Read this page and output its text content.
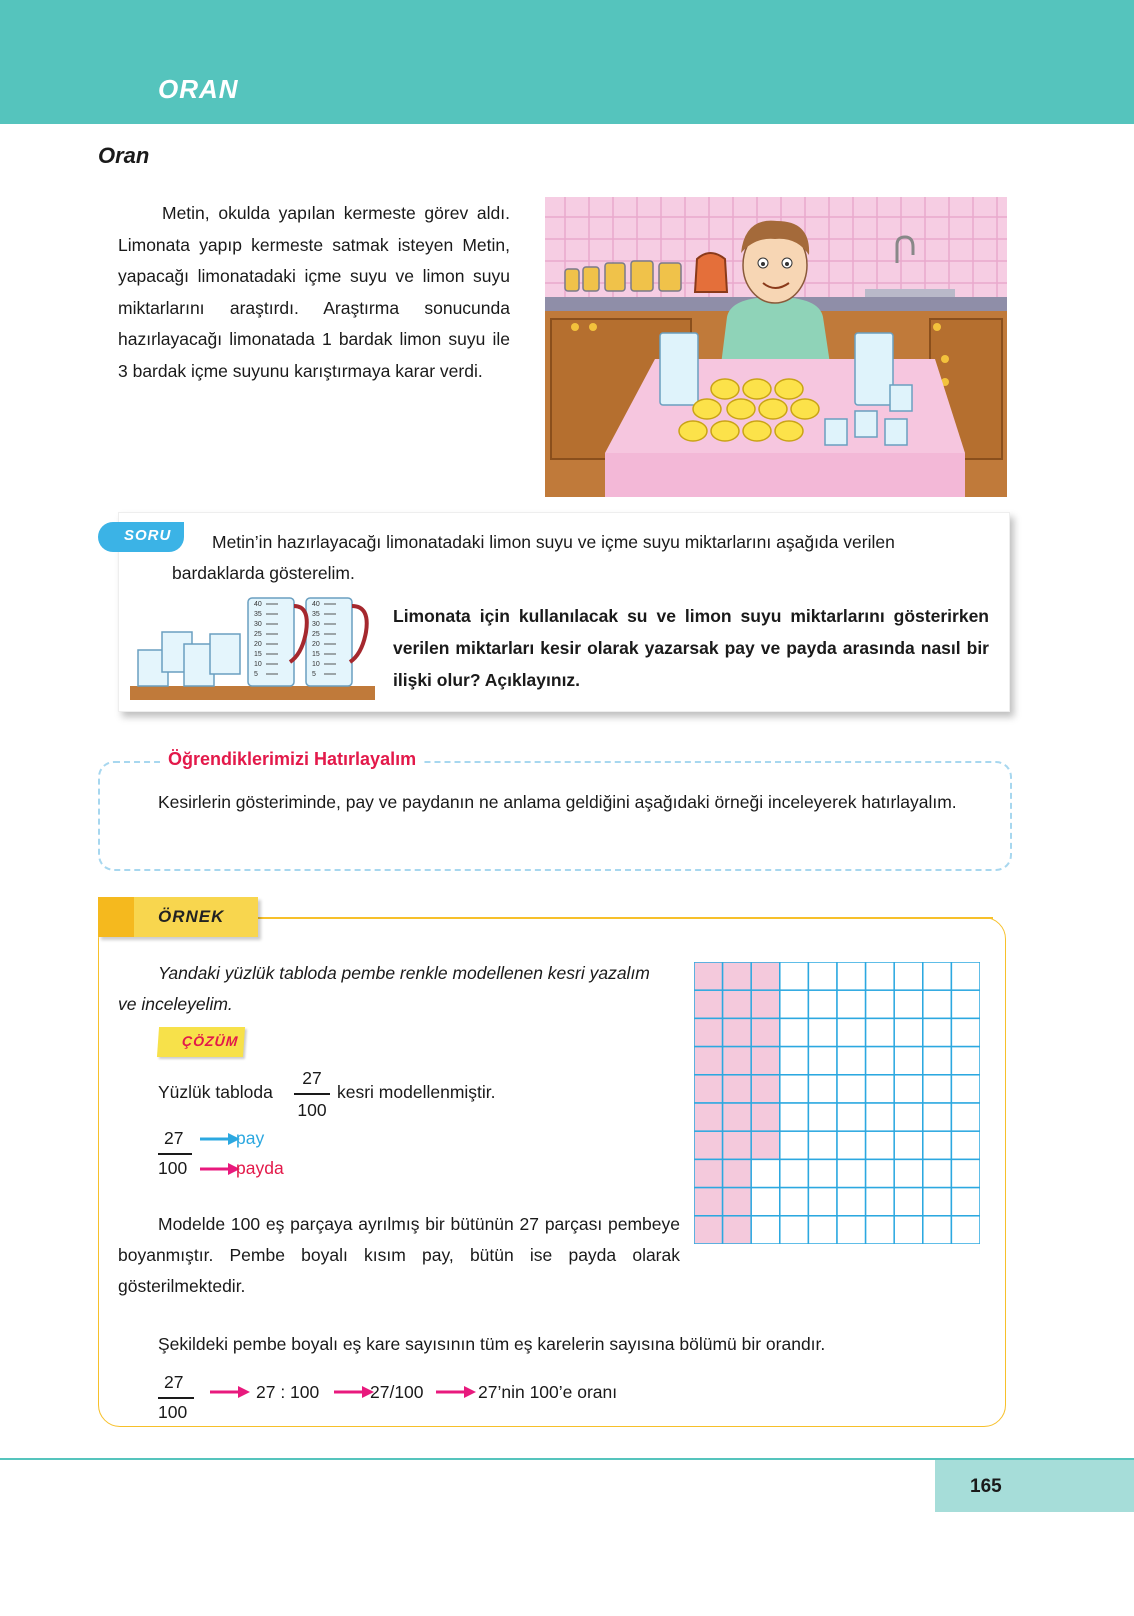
ORAN
Oran

Metin, okulda yapılan kermeste görev aldı. Limonata yapıp kermeste satmak isteyen Metin, yapacağı limonatadaki içme suyu ve limon suyu miktarlarını araştırdı. Araştırma sonucunda hazırlayacağı limonatada 1 bardak limon suyu ile 3 bardak içme suyunu karıştırmaya karar verdi.

SORU	Metin’in hazırlayacağı limonatadaki limon suyu ve içme suyu miktarlarını aşağıda verilen bardaklarda gösterelim.
40
35
30
25
20
15
10
5
40
35
30
25
20
15
10
5
Limonata için kullanılacak su ve limon suyu miktarlarını gösterirken verilen miktarları kesir olarak yazarsak pay ve payda arasında nasıl bir ilişki olur? Açıklayınız.
Öğrendiklerimizi Hatırlayalım
Kesirlerin gösteriminde, pay ve paydanın ne anlama geldiğini aşağıdaki örneği inceleyerek hatırlayalım.
ÖRNEK
Yandaki yüzlük tabloda pembe renkle modellenen kesri yazalım ve inceleyelim.
ÇÖZÜM
Yüzlük tabloda
27
100
kesri modellenmiştir.
27
100
pay
payda
Modelde 100 eş parçaya ayrılmış bir bütünün 27 parçası pembeye boyanmıştır. Pembe boyalı kısım pay, bütün ise payda olarak gösterilmektedir.
Şekildeki pembe boyalı eş kare sayısının tüm eş karelerin sayısına bölümü bir orandır.
27
100
27 : 100	27/100	27’nin 100’e oranı
165
